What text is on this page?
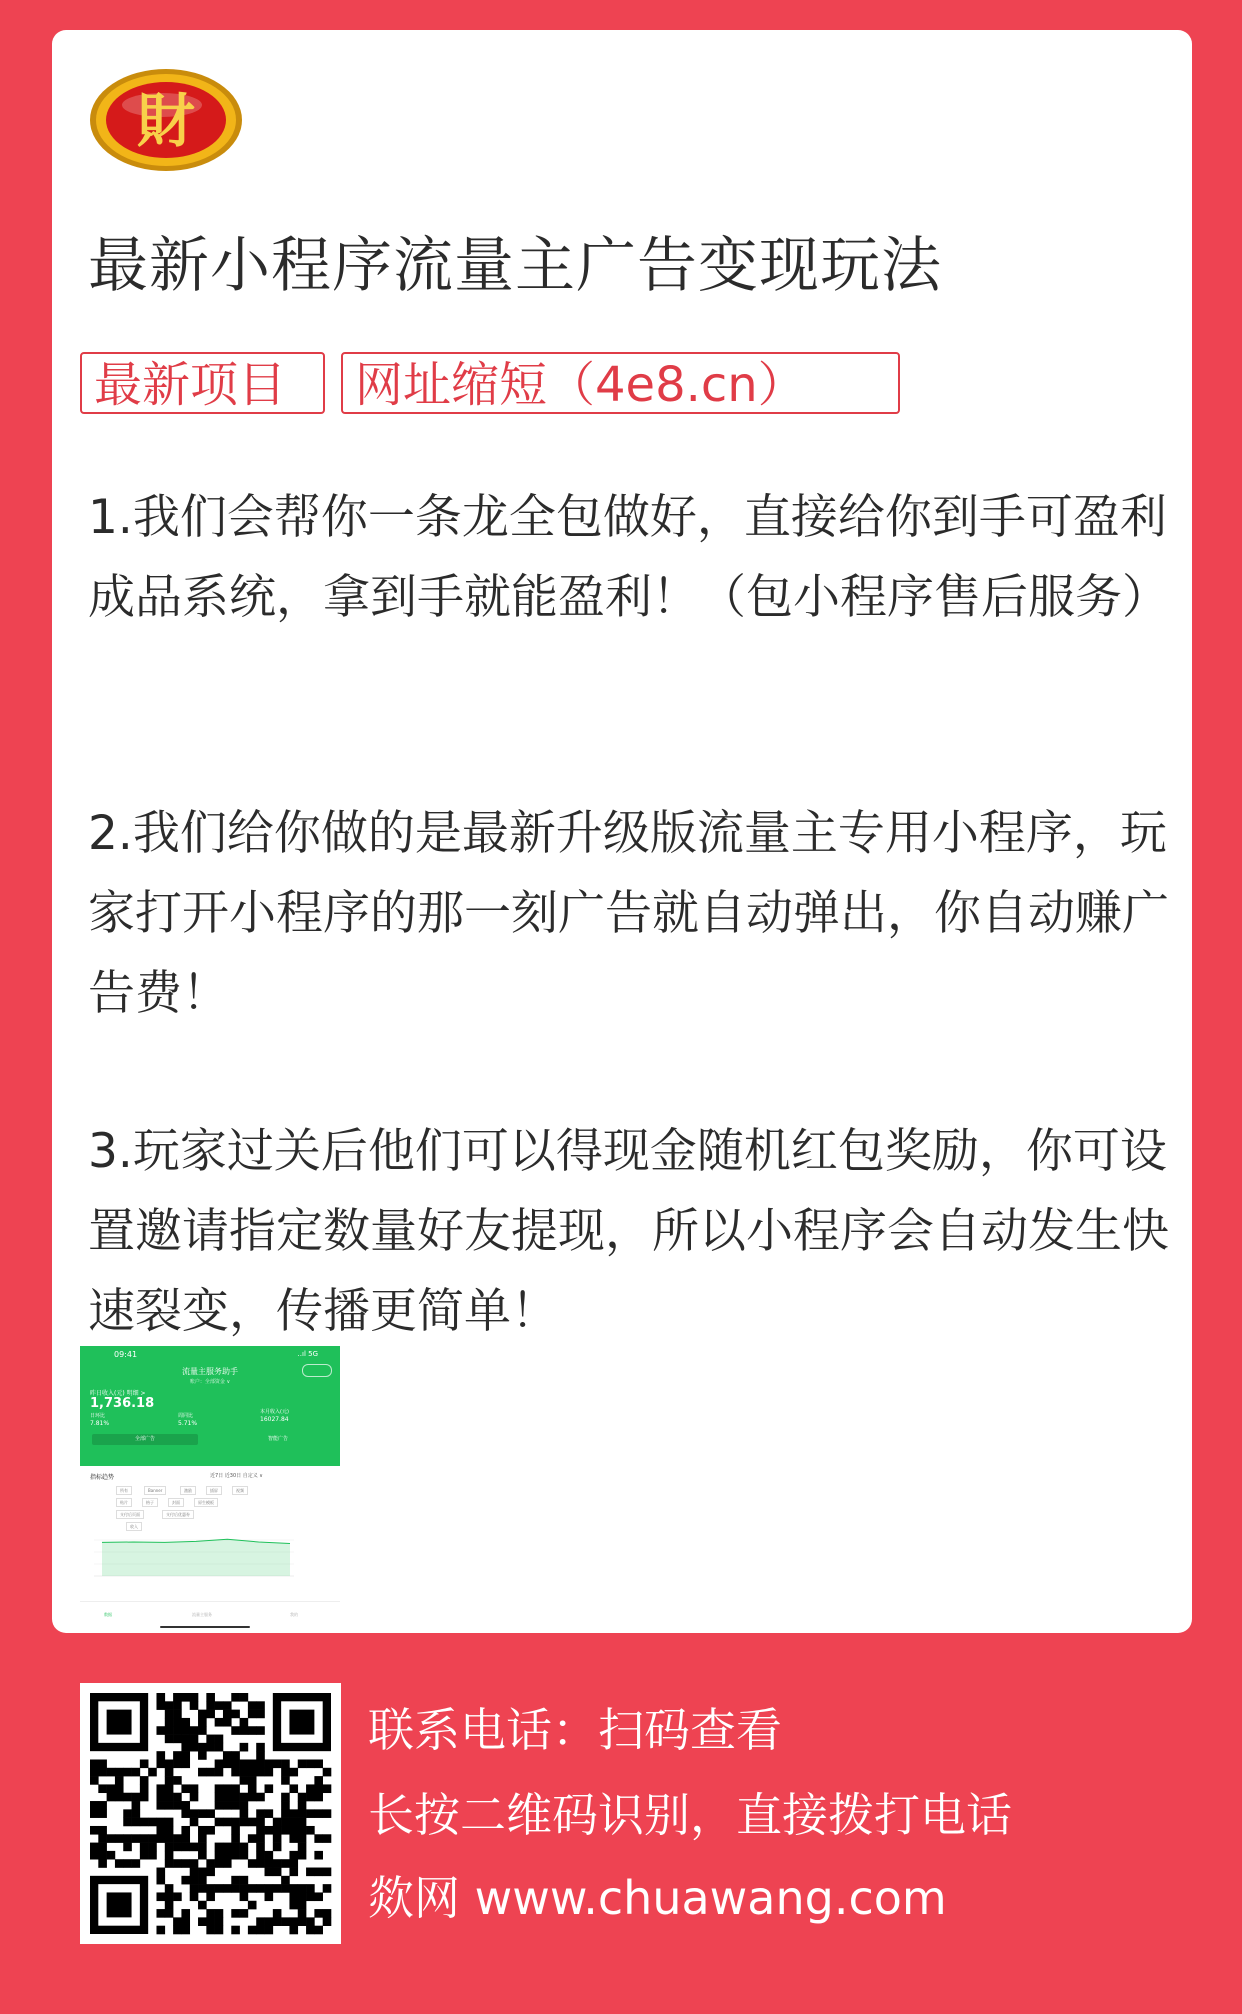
財
最新小程序流量主广告变现玩法
最新项目	网址缩短（4e8.cn）

1.我们会帮你一条龙全包做好，直接给你到手可盈利成品系统，拿到手就能盈利！（包小程序售后服务）

2.我们给你做的是最新升级版流量主专用小程序，玩家打开小程序的那一刻广告就自动弹出，你自动赚广告费！

3.玩家过关后他们可以得现金随机红包奖励，你可设置邀请指定数量好友提现，所以小程序会自动发生快速裂变，传播更简单！

09:41	..ıl 5G
流量主服务助手
账户：全部资金 ∨
昨日收入(元) 明细 >
1,736.18
日环比
7.81%
周同比
5.71%
本月收入(元)
16027.84
全部广告	智能广告
指标趋势	近7日 近30日 自定义 ∨
所有	Banner	激励	插屏	视频
贴片	格子	封面	原生模板
支付后页面	支付后优惠券
收入
数据	流量主服务	我的

联系电话：扫码查看

长按二维码识别，直接拨打电话

欻网 www.chuawang.com
